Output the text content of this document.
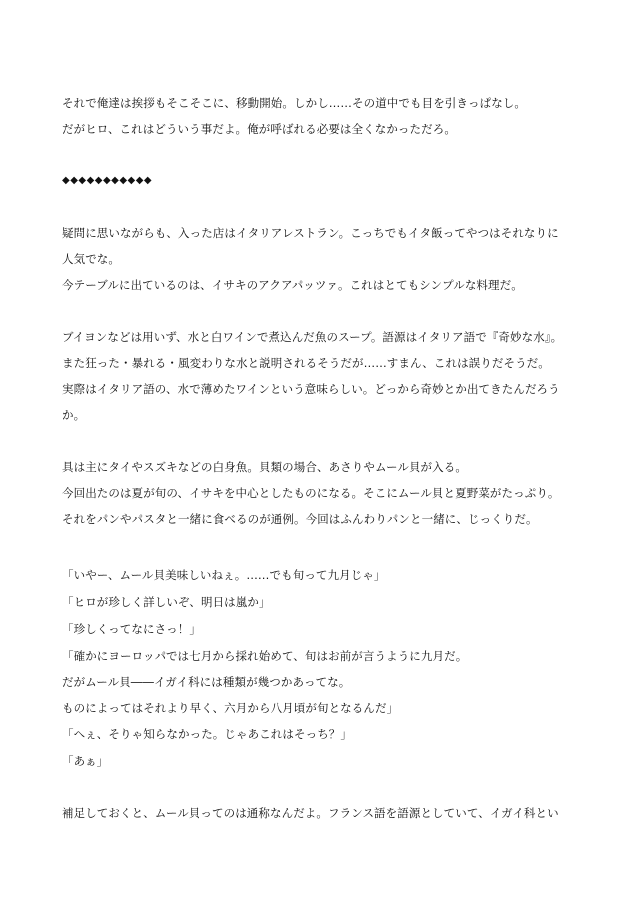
それで俺達は挨拶もそこそこに、移動開始。しかし……その道中でも目を引きっぱなし。
だがヒロ、これはどういう事だよ。俺が呼ばれる必要は全くなかっただろ。
◆◆◆◆◆◆◆◆◆◆◆
疑問に思いながらも、入った店はイタリアレストラン。こっちでもイタ飯ってやつはそれなりに
人気でな。
今テーブルに出ているのは、イサキのアクアパッツァ。これはとてもシンプルな料理だ。
ブイヨンなどは用いず、水と白ワインで煮込んだ魚のスープ。語源はイタリア語で『奇妙な水』。
また狂った・暴れる・風変わりな水と説明されるそうだが……すまん、これは誤りだそうだ。
実際はイタリア語の、水で薄めたワインという意味らしい。どっから奇妙とか出てきたんだろう
か。
具は主にタイやスズキなどの白身魚。貝類の場合、あさりやムール貝が入る。
今回出たのは夏が旬の、イサキを中心としたものになる。そこにムール貝と夏野菜がたっぷり。
それをパンやパスタと一緒に食べるのが通例。今回はふんわりパンと一緒に、じっくりだ。
「いやー、ムール貝美味しいねぇ。……でも旬って九月じゃ」
「ヒロが珍しく詳しいぞ、明日は嵐か」
「珍しくってなにさっ！」
「確かにヨーロッパでは七月から採れ始めて、旬はお前が言うように九月だ。
だがムール貝――イガイ科には種類が幾つかあってな。
ものによってはそれより早く、六月から八月頃が旬となるんだ」
「へぇ、そりゃ知らなかった。じゃあこれはそっち？」
「あぁ」
補足しておくと、ムール貝ってのは通称なんだよ。フランス語を語源としていて、イガイ科とい
